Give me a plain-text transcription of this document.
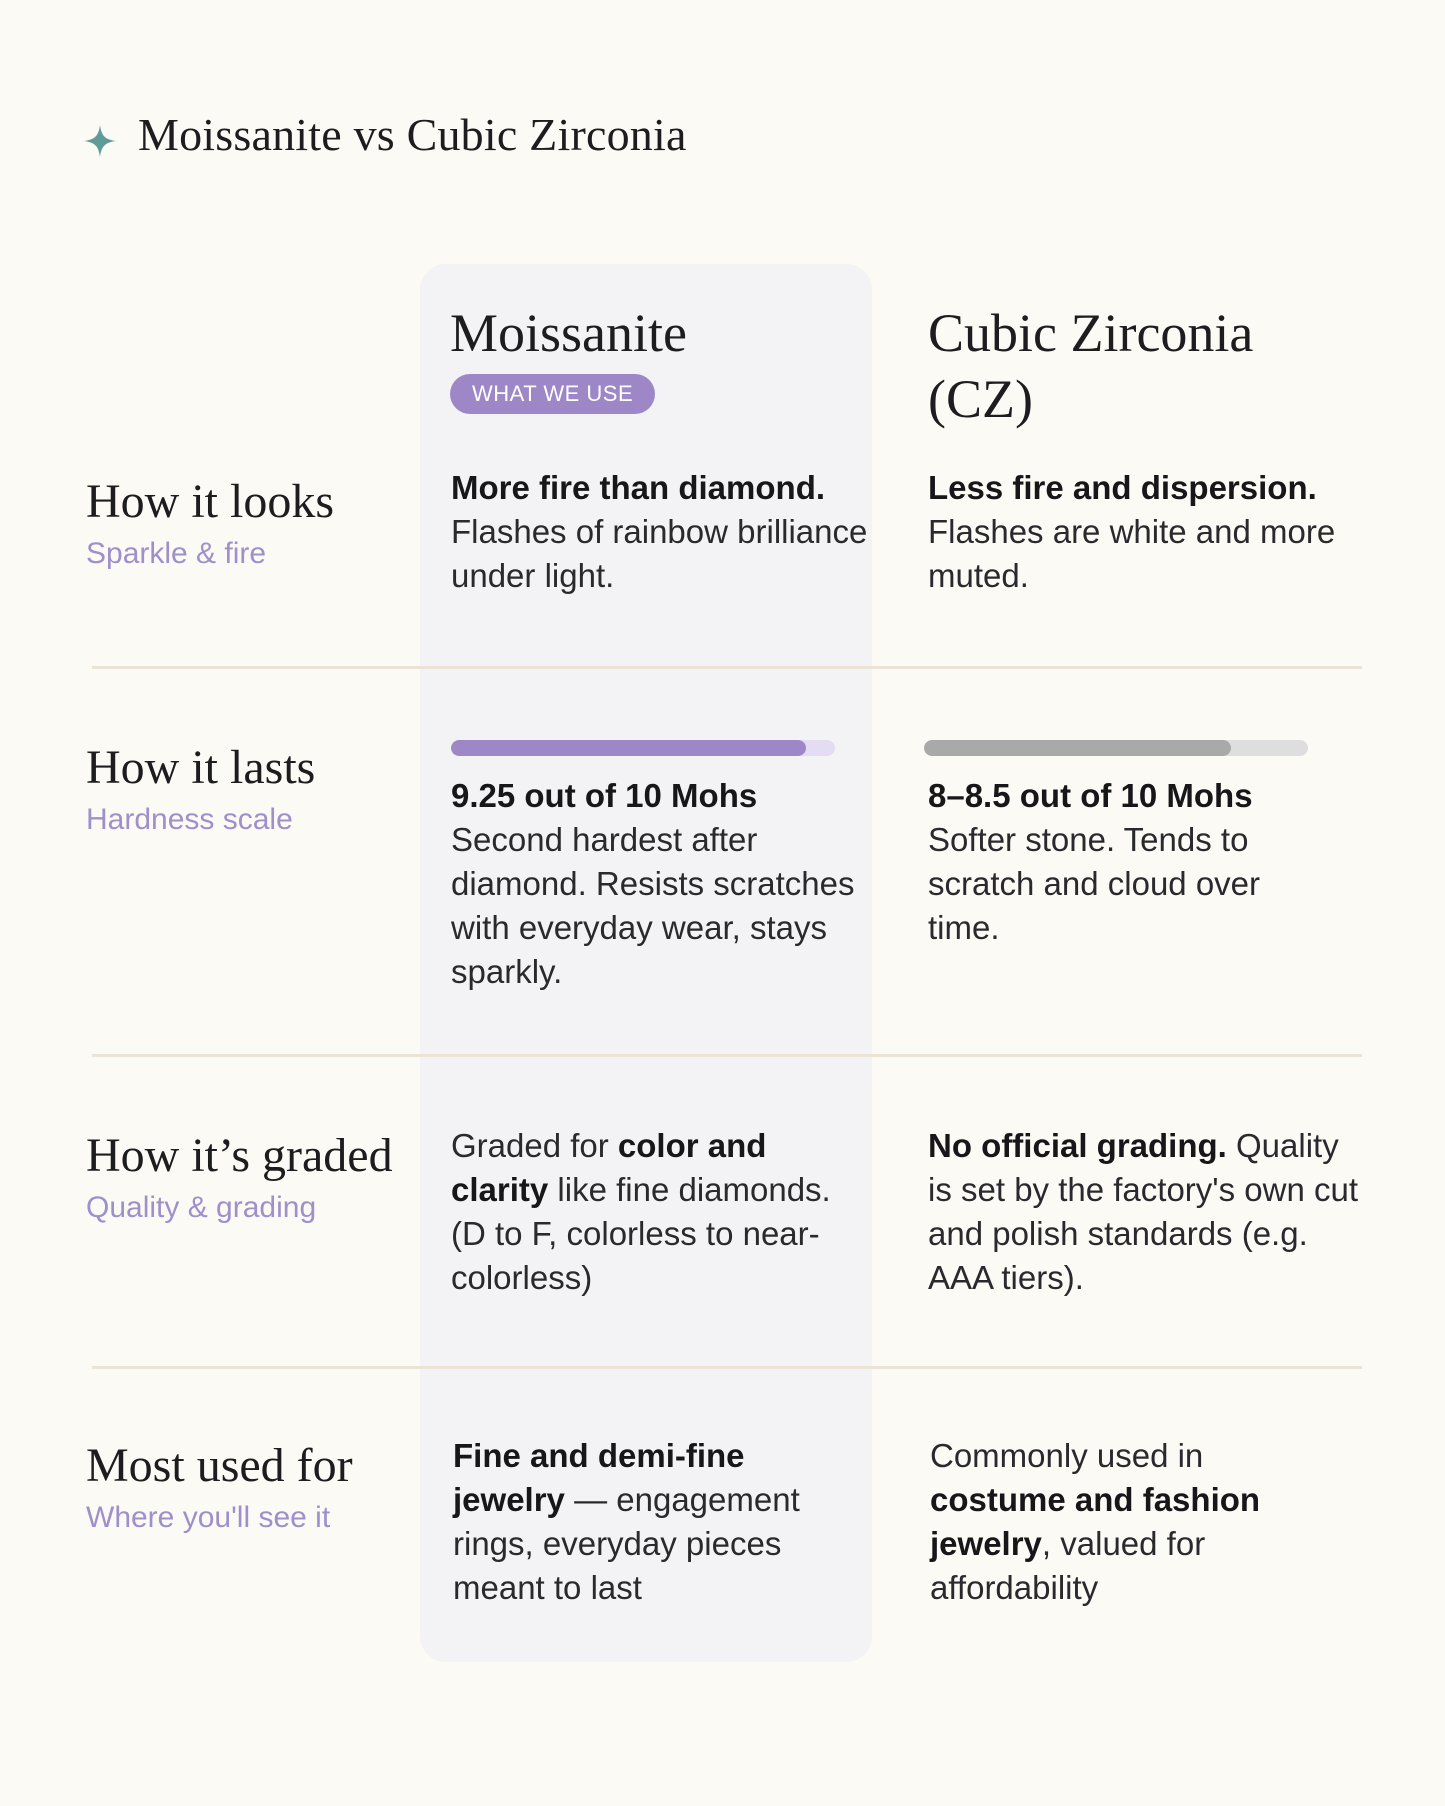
Moissanite vs Cubic Zirconia
Moissanite
WHAT WE USE
Cubic Zirconia
(CZ)
How it looks
Sparkle & fire
More fire than diamond.
Flashes of rainbow brilliance under light.
Less fire and dispersion.
Flashes are white and more muted.
How it lasts
Hardness scale
9.25 out of 10 Mohs
Second hardest after diamond. Resists scratches with everyday wear, stays sparkly.
8–8.5 out of 10 Mohs
Softer stone. Tends to scratch and cloud over time.
How it’s graded
Quality & grading
Graded for color and clarity like fine diamonds. (D to F, colorless to near-colorless)
No official grading. Quality is set by the factory's own cut and polish standards (e.g. AAA tiers).
Most used for
Where you'll see it
Fine and demi-fine jewelry — engagement rings, everyday pieces meant to last
Commonly used in costume and fashion jewelry, valued for affordability
